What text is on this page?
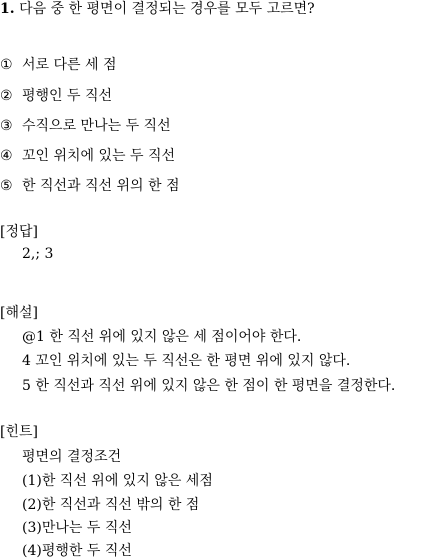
1. 다음 중 한 평면이 결정되는 경우를 모두 고르면?
① 서로 다른 세 점
② 평행인 두 직선
③ 수직으로 만나는 두 직선
④ 꼬인 위치에 있는 두 직선
⑤ 한 직선과 직선 위의 한 점
[정답]
2,; 3
[해설]
@1 한 직선 위에 있지 않은 세 점이어야 한다.
4 꼬인 위치에 있는 두 직선은 한 평면 위에 있지 않다.
5 한 직선과 직선 위에 있지 않은 한 점이 한 평면을 결정한다.
[힌트]
평면의 결정조건
(1)한 직선 위에 있지 않은 세점
(2)한 직선과 직선 밖의 한 점
(3)만나는 두 직선
(4)평행한 두 직선
